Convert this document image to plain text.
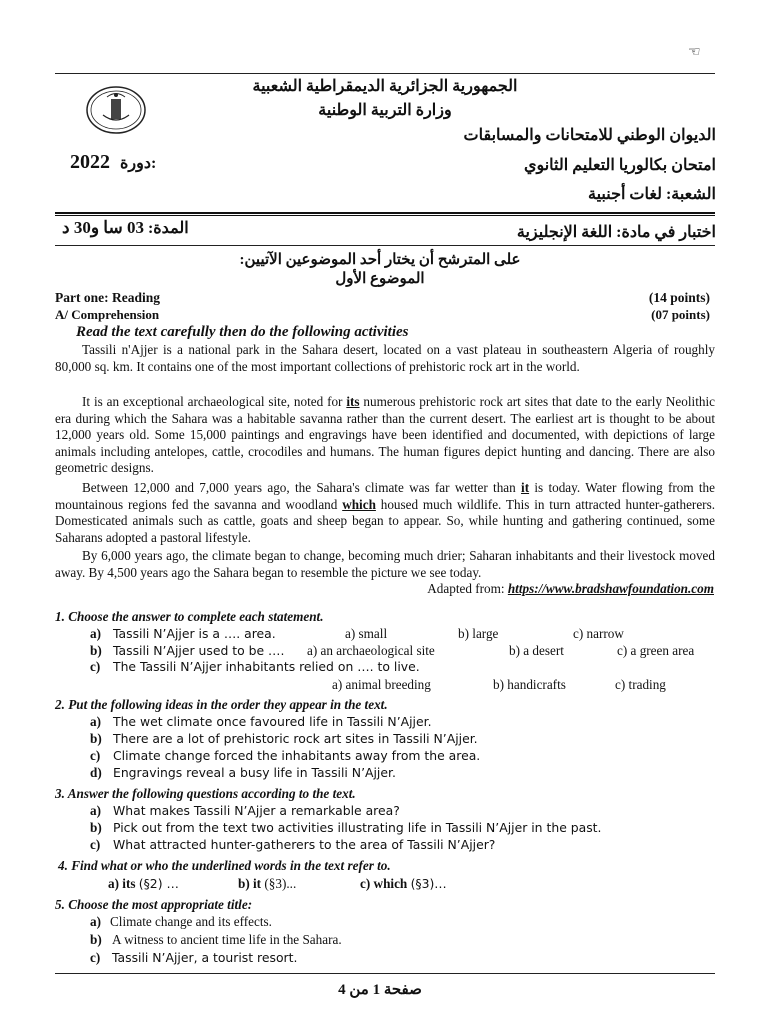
☜
الجمهورية الجزائرية الديمقراطية الشعبية
وزارة التربية الوطنية
الديوان الوطني للامتحانات والمسابقات
امتحان بكالوريا التعليم الثانوي
2022 دورة:
الشعبة: لغات أجنبية
اختبار في مادة: اللغة الإنجليزية
المدة: 03 سا و30 د
على المترشح أن يختار أحد الموضوعين الآتيين:
الموضوع الأول
Part one: Reading	(14 points)
A/ Comprehension	(07 points)
Read the text carefully then do the following activities
Tassili n'Ajjer is a national park in the Sahara desert, located on a vast plateau in southeastern Algeria of roughly 80,000 sq. km. It contains one of the most important collections of prehistoric rock art in the world.
It is an exceptional archaeological site, noted for its numerous prehistoric rock art sites that date to the early Neolithic era during which the Sahara was a habitable savanna rather than the current desert. The earliest art is thought to be about 12,000 years old. Some 15,000 paintings and engravings have been identified and documented, with depictions of large animals including antelopes, cattle, crocodiles and humans. The human figures depict hunting and dancing. There are also geometric designs.
Between 12,000 and 7,000 years ago, the Sahara's climate was far wetter than it is today. Water flowing from the mountainous regions fed the savanna and woodland which housed much wildlife. This in turn attracted hunter-gatherers. Domesticated animals such as cattle, goats and sheep began to appear. So, while hunting and gathering continued, some Saharans adopted a pastoral lifestyle.
By 6,000 years ago, the climate began to change, becoming much drier; Saharan inhabitants and their livestock moved away. By 4,500 years ago the Sahara began to resemble the picture we see today.
Adapted from: https://www.bradshawfoundation.com
1. Choose the answer to complete each statement.
a) Tassili N’Ajjer is a …. area.	a) small	b) large	c) narrow
b) Tassili N’Ajjer used to be …. a) an archaeological site	b) a desert	c) a green area
c) The Tassili N’Ajjer inhabitants relied on …. to live.
a) animal breeding	b) handicrafts	c) trading
2. Put the following ideas in the order they appear in the text.
a) The wet climate once favoured life in Tassili N’Ajjer.
b) There are a lot of prehistoric rock art sites in Tassili N’Ajjer.
c) Climate change forced the inhabitants away from the area.
d) Engravings reveal a busy life in Tassili N’Ajjer.
3. Answer the following questions according to the text.
a) What makes Tassili N’Ajjer a remarkable area?
b) Pick out from the text two activities illustrating life in Tassili N’Ajjer in the past.
c) What attracted hunter-gatherers to the area of Tassili N’Ajjer?
4. Find what or who the underlined words in the text refer to.
a) its (§2) …	b) it (§3)...	c) which (§3)…
5. Choose the most appropriate title:
a) Climate change and its effects.
b) A witness to ancient time life in the Sahara.
c) Tassili N’Ajjer, a tourist resort.
صفحة 1 من 4
